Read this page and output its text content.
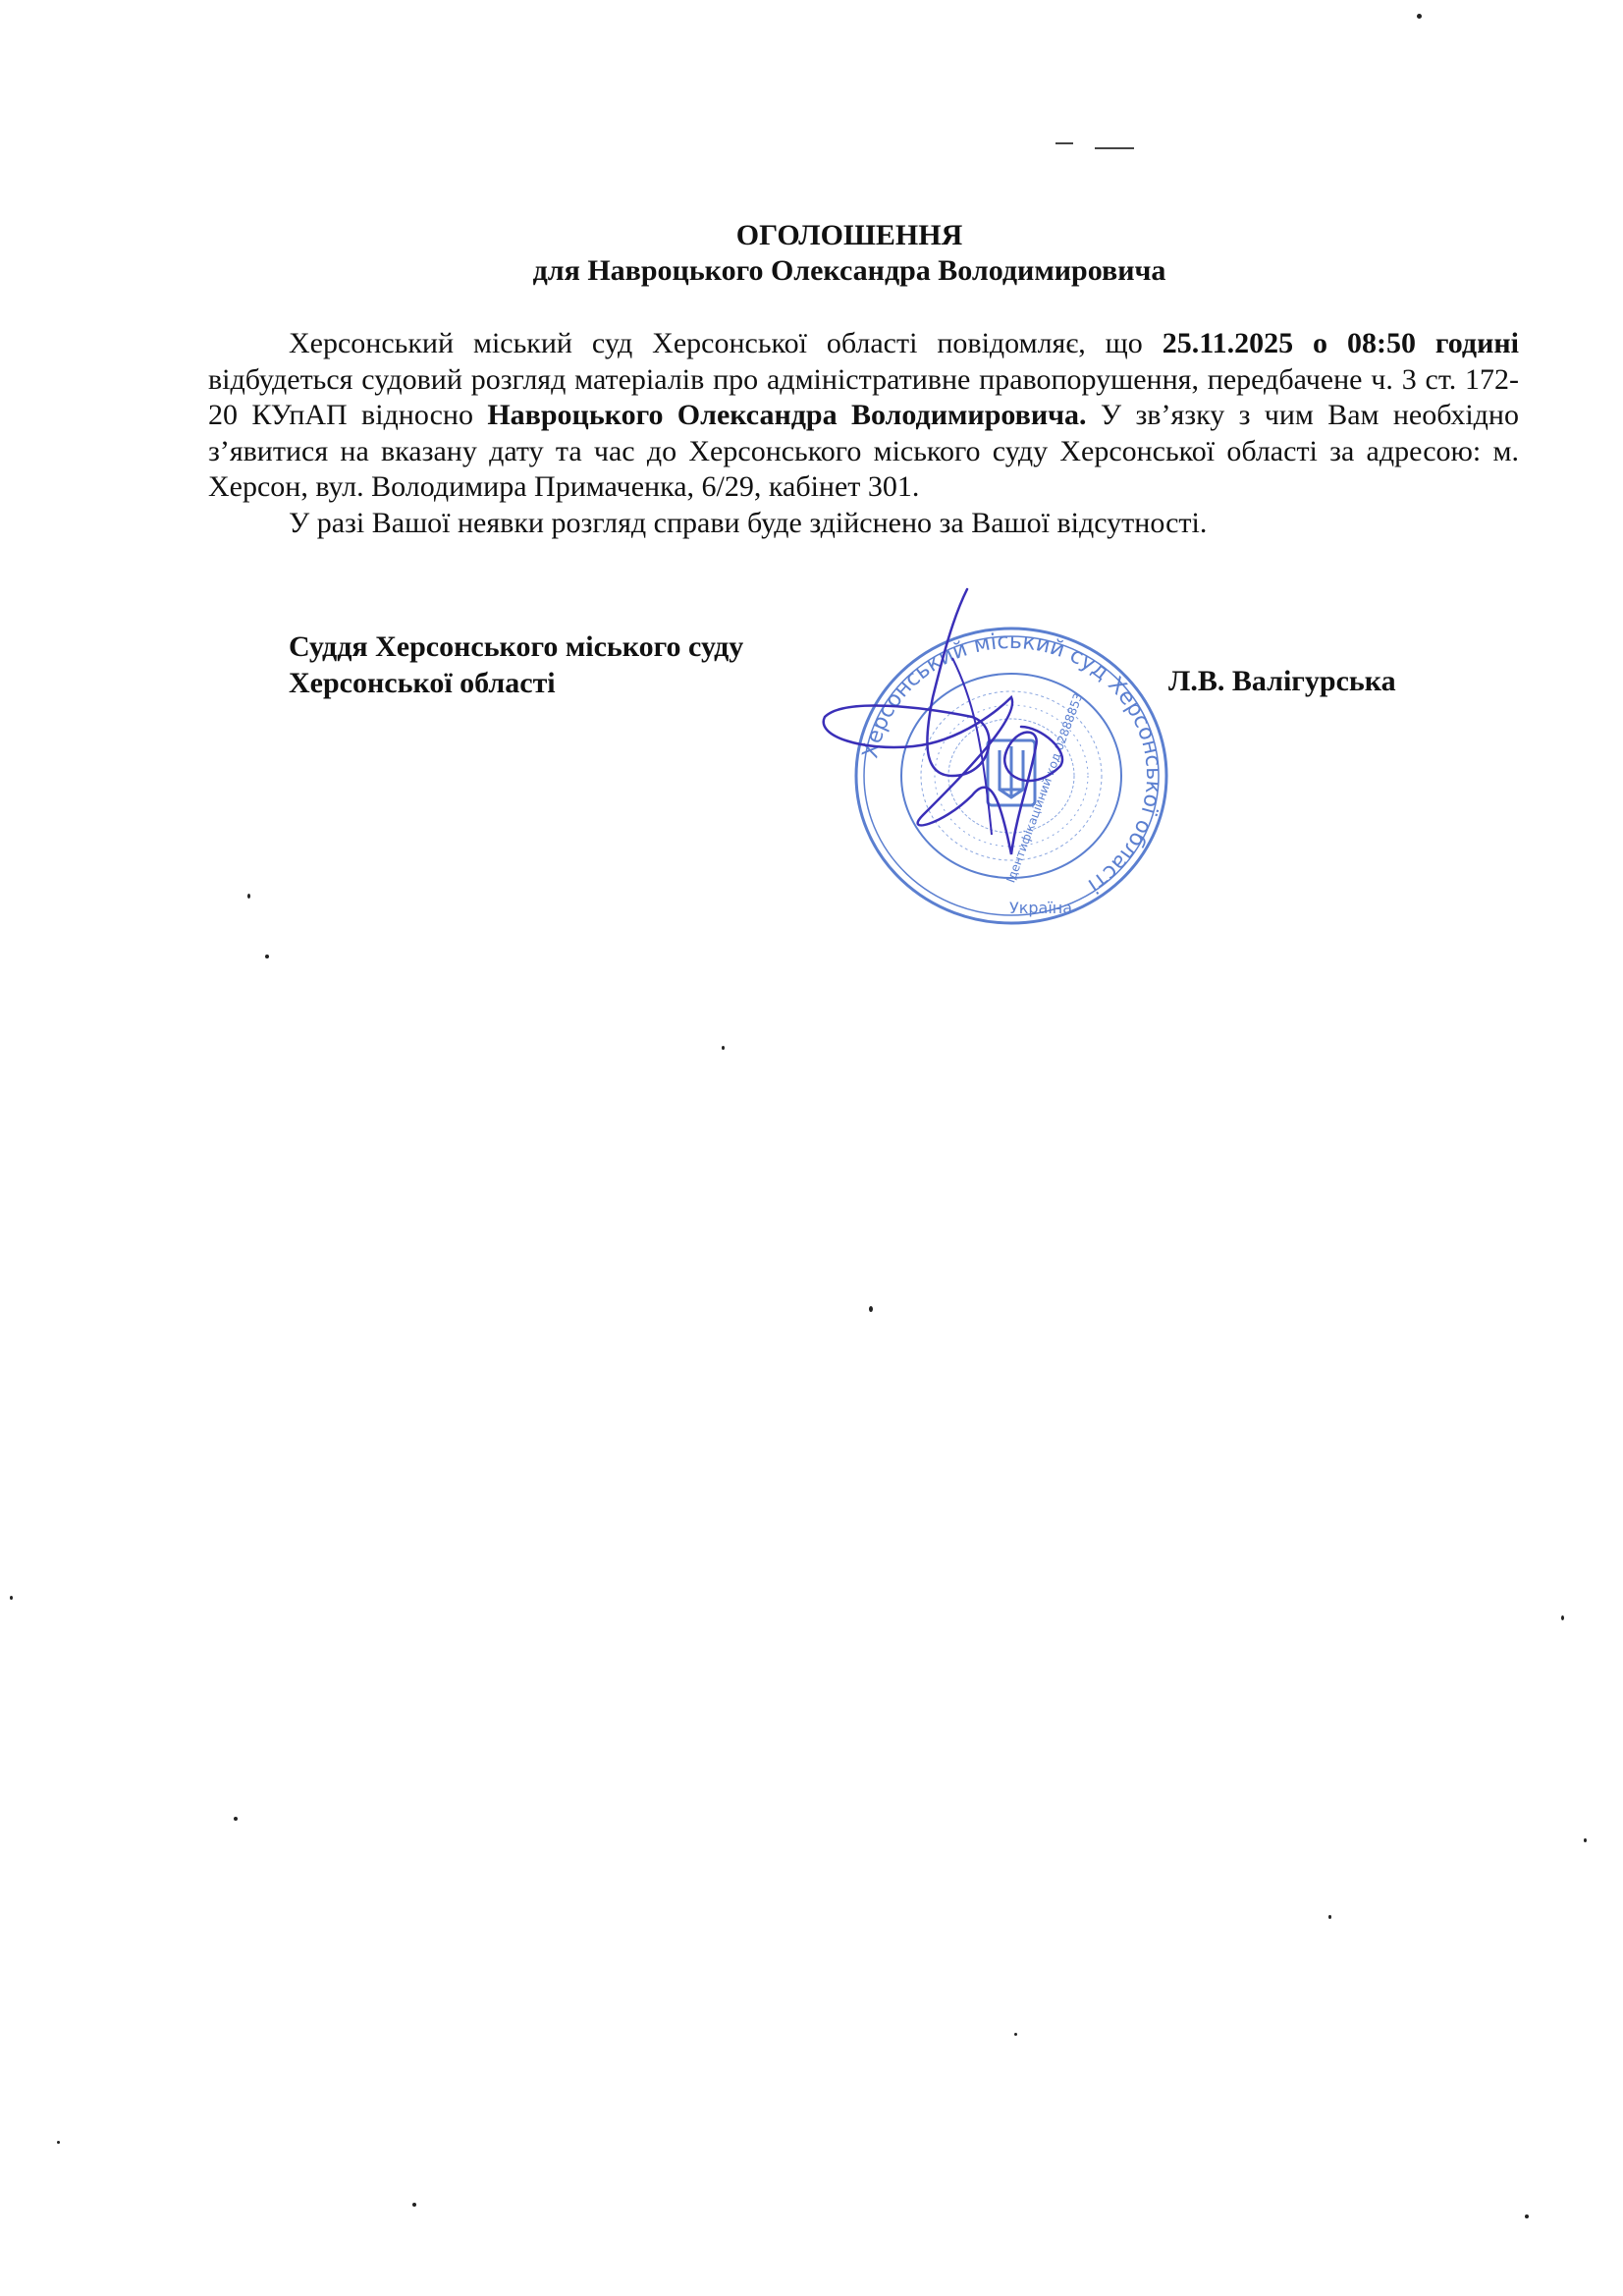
ОГОЛОШЕННЯ
для Навроцького Олександра Володимировича

Херсонський міський суд Херсонської області повідомляє, що 25.11.2025 о 08:50 годині відбудеться судовий розгляд матеріалів про адміністративне правопорушення, передбачене ч. 3 ст. 172-20 КУпАП відносно Навроцького Олександра Володимировича. У зв’язку з чим Вам необхідно з’явитися на вказану дату та час до Херсонського міського суду Херсонської області за адресою: м. Херсон, вул. Володимира Примаченка, 6/29, кабінет 301.

У разі Вашої неявки розгляд справи буде здійснено за Вашої відсутності.

Херсонський міський суд Херсонської області
Ідентифікаційний код 02888853
Україна
Суддя Херсонського міського суду
Херсонської області	Л.В. Валігурська
